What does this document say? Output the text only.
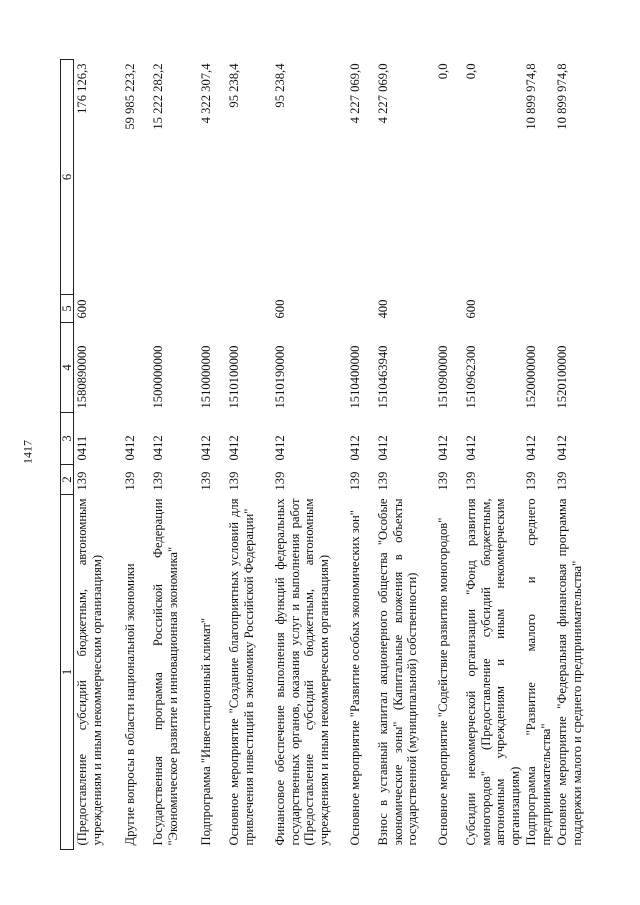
1417
1	2	3	4	5	6
(Предоставление субсидий бюджетным, автономным учреждениям и иным некоммерческим организациям)	139	0411	1580890000	600	176 126,3
Другие вопросы в области национальной экономики	139	0412			59 985 223,2
Государственная программа Российской Федерации "Экономическое развитие и инновационная экономика"	139	0412	1500000000		15 222 282,2
Подпрограмма "Инвестиционный климат"	139	0412	1510000000		4 322 307,4
Основное мероприятие "Создание благоприятных условий для привлечения инвестиций в экономику Российской Федерации"	139	0412	1510100000		95 238,4
Финансовое обеспечение выполнения функций федеральных государственных органов, оказания услуг и выполнения работ (Предоставление субсидий бюджетным, автономным учреждениям и иным некоммерческим организациям)	139	0412	1510190000	600	95 238,4
Основное мероприятие "Развитие особых экономических зон"	139	0412	1510400000		4 227 069,0
Взнос в уставный капитал акционерного общества "Особые экономические зоны" (Капитальные вложения в объекты государственной (муниципальной) собственности)	139	0412	1510463940	400	4 227 069,0
Основное мероприятие "Содействие развитию моногородов"	139	0412	1510900000		0,0
Субсидии некоммерческой организации "Фонд развития моногородов" (Предоставление субсидий бюджетным, автономным учреждениям и иным некоммерческим организациям)	139	0412	1510962300	600	0,0
Подпрограмма "Развитие малого и среднего предпринимательства"	139	0412	1520000000		10 899 974,8
Основное мероприятие "Федеральная финансовая программа поддержки малого и среднего предпринимательства"	139	0412	1520100000		10 899 974,8
